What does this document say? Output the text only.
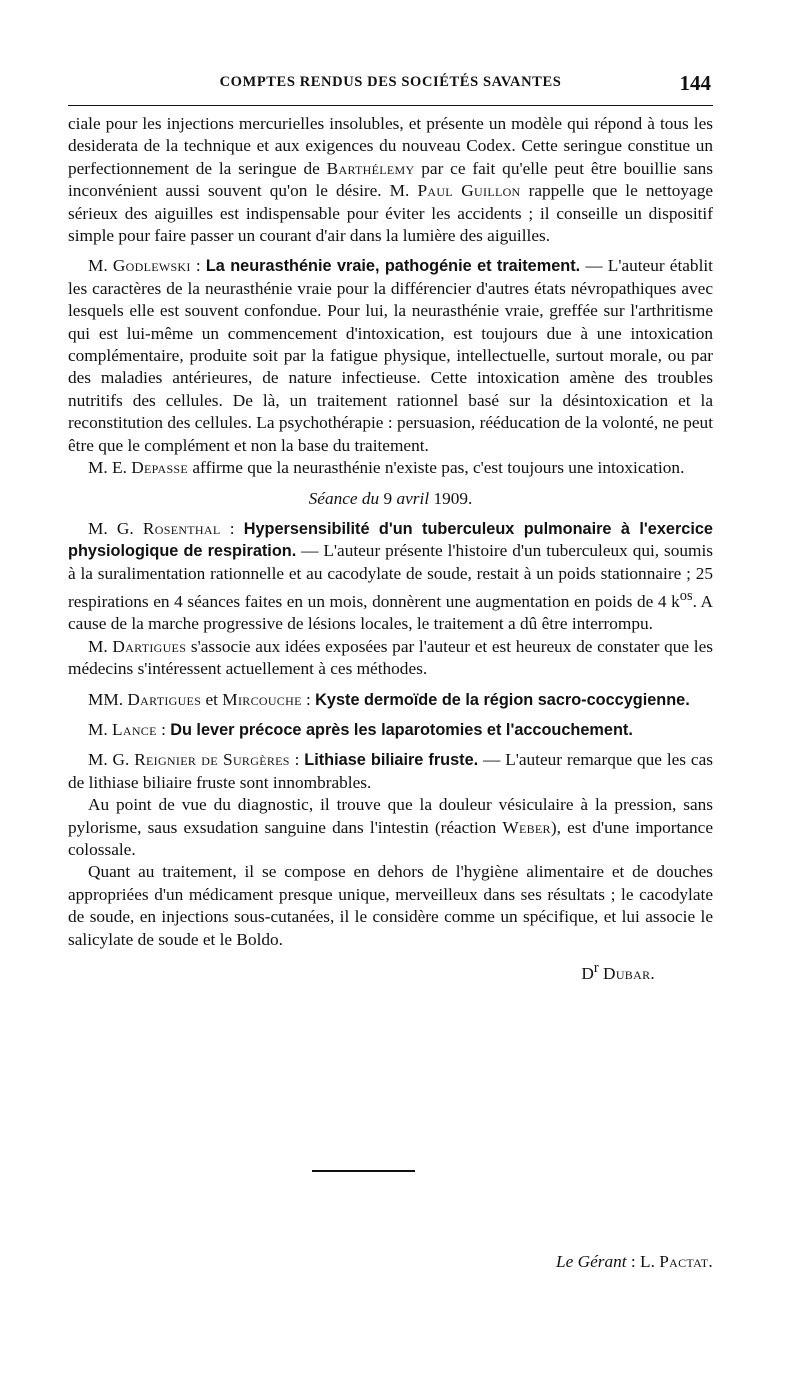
COMPTES RENDUS DES SOCIÉTÉS SAVANTES	144

ciale pour les injections mercurielles insolubles, et présente un modèle qui répond à tous les desiderata de la technique et aux exigences du nouveau Codex. Cette seringue constitue un perfectionnement de la seringue de Barthélemy par ce fait qu'elle peut être bouillie sans inconvénient aussi souvent qu'on le désire. M. Paul Guillon rappelle que le nettoyage sérieux des aiguilles est indispensable pour éviter les accidents ; il conseille un dispositif simple pour faire passer un courant d'air dans la lumière des aiguilles.

M. Godlewski : La neurasthénie vraie, pathogénie et traitement. — L'auteur établit les caractères de la neurasthénie vraie pour la différencier d'autres états névropathiques avec lesquels elle est souvent confondue. Pour lui, la neurasthénie vraie, greffée sur l'arthritisme qui est lui-même un commencement d'intoxication, est toujours due à une intoxication complémentaire, produite soit par la fatigue physique, intellectuelle, surtout morale, ou par des maladies antérieures, de nature infectieuse. Cette intoxication amène des troubles nutritifs des cellules. De là, un traitement rationnel basé sur la désintoxication et la reconstitution des cellules. La psychothérapie : persuasion, rééducation de la volonté, ne peut être que le complément et non la base du traitement.

M. E. Depasse affirme que la neurasthénie n'existe pas, c'est toujours une intoxication.

Séance du 9 avril 1909.

M. G. Rosenthal : Hypersensibilité d'un tuberculeux pulmonaire à l'exercice physiologique de respiration. — L'auteur présente l'histoire d'un tuberculeux qui, soumis à la suralimentation rationnelle et au cacodylate de soude, restait à un poids stationnaire ; 25 respirations en 4 séances faites en un mois, donnèrent une augmentation en poids de 4 $k^{os}$. A cause de la marche progressive de lésions locales, le traitement a dû être interrompu.

M. Dartigues s'associe aux idées exposées par l'auteur et est heureux de constater que les médecins s'intéressent actuellement à ces méthodes.

MM. Dartigues et Mircouche : Kyste dermoïde de la région sacro-coccygienne.

M. Lance : Du lever précoce après les laparotomies et l'accouchement.

M. G. Reignier de Surgères : Lithiase biliaire fruste. — L'auteur remarque que les cas de lithiase biliaire fruste sont innombrables.

Au point de vue du diagnostic, il trouve que la douleur vésiculaire à la pression, sans pylorisme, saus exsudation sanguine dans l'intestin (réaction Weber), est d'une importance colossale.

Quant au traitement, il se compose en dehors de l'hygiène alimentaire et de douches appropriées d'un médicament presque unique, merveilleux dans ses résultats ; le cacodylate de soude, en injections sous-cutanées, il le considère comme un spécifique, et lui associe le salicylate de soude et le Boldo.

$D^r$ Dubar.

Le Gérant : L. Pactat.
